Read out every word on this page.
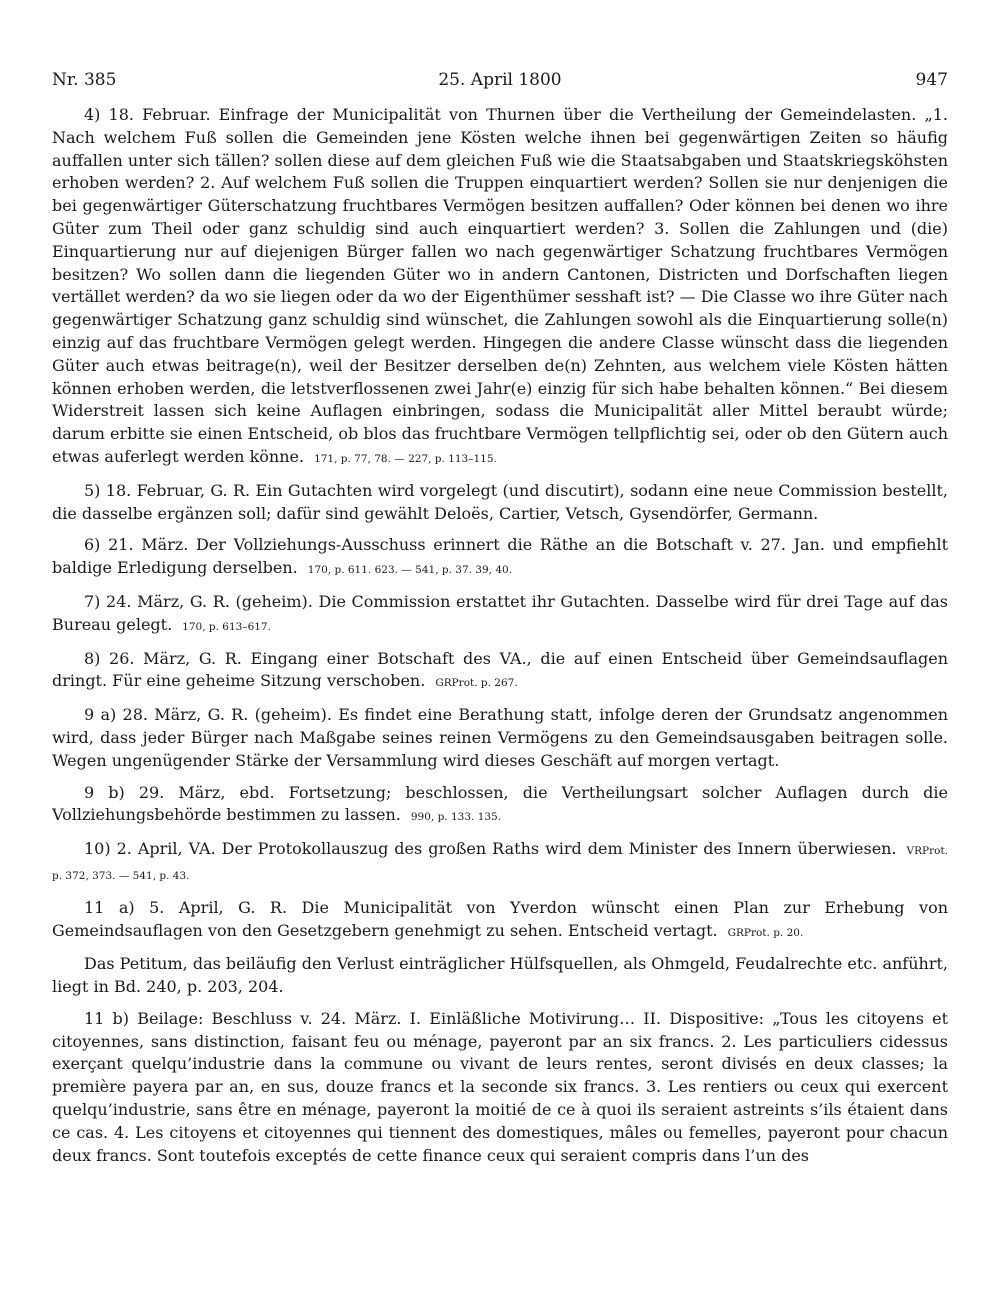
Nr. 385	25. April 1800	947

4) 18. Februar. Einfrage der Municipalität von Thurnen über die Vertheilung der Gemeindelasten. „1. Nach welchem Fuß sollen die Gemeinden jene Kösten welche ihnen bei gegenwärtigen Zeiten so häufig auffallen unter sich tällen? sollen diese auf dem gleichen Fuß wie die Staatsabgaben und Staatskriegsköhsten erhoben werden? 2. Auf welchem Fuß sollen die Truppen einquartiert werden? Sollen sie nur denjenigen die bei gegenwärtiger Güterschatzung fruchtbares Vermögen besitzen auffallen? Oder können bei denen wo ihre Güter zum Theil oder ganz schuldig sind auch einquartiert werden? 3. Sollen die Zahlungen und (die) Einquartierung nur auf diejenigen Bürger fallen wo nach gegenwärtiger Schatzung fruchtbares Vermögen besitzen? Wo sollen dann die liegenden Güter wo in andern Cantonen, Districten und Dorfschaften liegen vertället werden? da wo sie liegen oder da wo der Eigenthümer sesshaft ist? — Die Classe wo ihre Güter nach gegenwärtiger Schatzung ganz schuldig sind wünschet, die Zahlungen sowohl als die Einquartierung solle(n) einzig auf das fruchtbare Vermögen gelegt werden. Hingegen die andere Classe wünscht dass die liegenden Güter auch etwas beitrage(n), weil der Besitzer derselben de(n) Zehnten, aus welchem viele Kösten hätten können erhoben werden, die letstverflossenen zwei Jahr(e) einzig für sich habe behalten können.“ Bei diesem Widerstreit lassen sich keine Auflagen einbringen, sodass die Municipalität aller Mittel beraubt würde; darum erbitte sie einen Entscheid, ob blos das fruchtbare Vermögen tellpflichtig sei, oder ob den Gütern auch etwas auferlegt werden könne. 171, p. 77, 78. — 227, p. 113–115.

5) 18. Februar, G. R. Ein Gutachten wird vorgelegt (und discutirt), sodann eine neue Commission bestellt, die dasselbe ergänzen soll; dafür sind gewählt Deloës, Cartier, Vetsch, Gysendörfer, Germann.

6) 21. März. Der Vollziehungs-Ausschuss erinnert die Räthe an die Botschaft v. 27. Jan. und empfiehlt baldige Erledigung derselben. 170, p. 611. 623. — 541, p. 37. 39, 40.

7) 24. März, G. R. (geheim). Die Commission erstattet ihr Gutachten. Dasselbe wird für drei Tage auf das Bureau gelegt. 170, p. 613–617.

8) 26. März, G. R. Eingang einer Botschaft des VA., die auf einen Entscheid über Gemeindsauflagen dringt. Für eine geheime Sitzung verschoben. GRProt. p. 267.

9 a) 28. März, G. R. (geheim). Es findet eine Berathung statt, infolge deren der Grundsatz angenommen wird, dass jeder Bürger nach Maßgabe seines reinen Vermögens zu den Gemeindsausgaben beitragen solle. Wegen ungenügender Stärke der Versammlung wird dieses Geschäft auf morgen vertagt.

9 b) 29. März, ebd. Fortsetzung; beschlossen, die Vertheilungsart solcher Auflagen durch die Vollziehungsbehörde bestimmen zu lassen. 990, p. 133. 135.

10) 2. April, VA. Der Protokollauszug des großen Raths wird dem Minister des Innern überwiesen. VRProt. p. 372, 373. — 541, p. 43.

11 a) 5. April, G. R. Die Municipalität von Yverdon wünscht einen Plan zur Erhebung von Gemeindsauflagen von den Gesetzgebern genehmigt zu sehen. Entscheid vertagt. GRProt. p. 20.

Das Petitum, das beiläufig den Verlust einträglicher Hülfsquellen, als Ohmgeld, Feudalrechte etc. anführt, liegt in Bd. 240, p. 203, 204.

11 b) Beilage: Beschluss v. 24. März. I. Einläßliche Motivirung… II. Dispositive: „Tous les citoyens et citoyennes, sans distinction, faisant feu ou ménage, payeront par an six francs. 2. Les particuliers cidessus exerçant quelqu’industrie dans la commune ou vivant de leurs rentes, seront divisés en deux classes; la première payera par an, en sus, douze francs et la seconde six francs. 3. Les rentiers ou ceux qui exercent quelqu’industrie, sans être en ménage, payeront la moitié de ce à quoi ils seraient astreints s’ils étaient dans ce cas. 4. Les citoyens et citoyennes qui tiennent des domestiques, mâles ou femelles, payeront pour chacun deux francs. Sont toutefois exceptés de cette finance ceux qui seraient compris dans l’un des
